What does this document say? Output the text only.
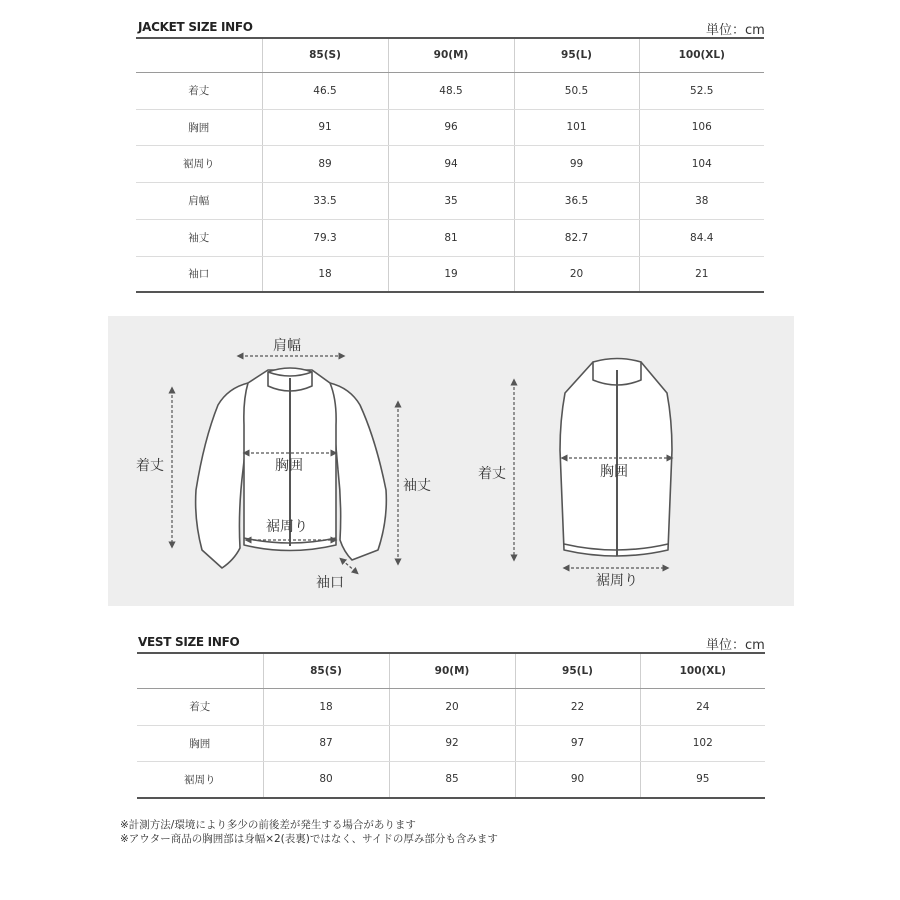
JACKET SIZE INFO	単位：cm
	85(S)	90(M)	95(L)	100(XL)
着丈	46.5	48.5	50.5	52.5
胸囲	91	96	101	106
裾周り	89	94	99	104
肩幅	33.5	35	36.5	38
袖丈	79.3	81	82.7	84.4
袖口	18	19	20	21
肩幅
着丈	胸囲
裾周り
袖丈
袖口
着丈	胸囲
裾周り
VEST SIZE INFO	単位：cm
	85(S)	90(M)	95(L)	100(XL)
着丈	18	20	22	24
胸囲	87	92	97	102
裾周り	80	85	90	95
※計測方法/環境により多少の前後差が発生する場合があります
※アウター商品の胸囲部は身幅×2(表裏)ではなく、サイドの厚み部分も含みます
